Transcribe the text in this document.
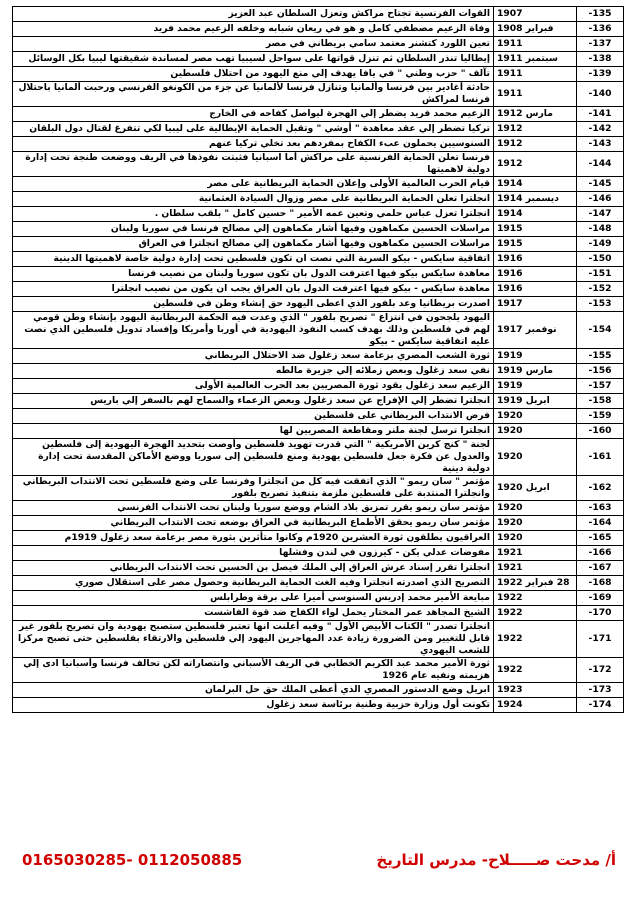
-135	1907	القوات الفرنسية تجتاح مراكش وتعزل السلطان عبد العزيز
-136	فبراير 1908	وفاة الزعيم مصطفي كامل و هو في ريعان شبابه وخلفه الزعيم محمد فريد
-137	1911	تعين اللورد كتشنر معتمد سامي بريطاني في مصر
-138	سبتمبر 1911	إيطاليا تنذر السلطان ثم تنزل قواتها على سواحل لسيبيا تهب مصر لمساندة شقيقتها ليبيا بكل الوسائل
-139	1911	تآلف " حزب وطني " في يافا يهدف إلي منع اليهود من احتلال فلسطين
-140	1911	حادثة أغادير بين فرنسا وألمانيا وتنازل فرنسا لألمانيا عن جزء من الكونغو الفرنسي ورحبت ألمانيا باحتلال فرنسا لمراكش
-141	مارس 1912	الزعيم محمد فريد يضطر إلي الهجرة ليواصل كفاحه في الخارج
-142	1912	تركيا تضطر إلي عقد معاهدة " أوشي " وتقبل الحماية الإيطالية على ليبيا لكي تتفرغ لقتال دول البلقان
-143	1912	السنوسيين يحملون عبء الكفاح بمفردهم بعد تخلي تركيا عنهم
-144	1912	فرنسا تعلن الحماية الفرنسية على مراكش أما اسبانيا فثبتت نفوذها في الريف ووضعت طنجة تحت إدارة دولية لاهميتها
-145	1914	قيام الحرب العالمية الأولى وإعلان الحماية البريطانية على مصر
-146	ديسمبر 1914	انجلترا تعلن الحماية البريطانية على مصر وزوال السيادة العثمانية
-147	1914	انجلترا تعزل عباس حلمي وتعين عمه الأمير " حسين كامل " بلقب سلطان .
-148	1915	مراسلات الحسين مكماهون وفيها أشار مكماهون إلي مصالح فرنسا في سوريا ولبنان
-149	1915	مراسلات الحسين مكماهون وفيها أشار مكماهون إلي مصالح انجلترا في العراق
-150	1916	اتفاقية سايكس - بيكو السرية التي نصت ان تكون فلسطين تحت إدارة دولية خاصة لاهميتها الدينية
-151	1916	معاهدة سايكس بيكو فيها اعترفت الدول بان تكون سوريا ولبنان من نصيب فرنسا
-152	1916	معاهدة سايكس - بيكو فيها اعترفت الدول بان العراق يجب ان يكون من نصيب انجلترا
-153	1917	اصدرت بريطانيا وعد بلفور الذي اعطى اليهود حق إنشاء وطن في فلسطين
-154	نوفمبر 1917	اليهود يلجحون في انتزاع " تصريح بلفور " الذي وعدت فيه الحكمة البريطانية اليهود بإنشاء وطن قومي لهم في فلسطين وذلك بهدف كسب النفوذ اليهودية في أوربا وأمريكا وإفساد تدويل فلسطين الذي نصت عليه اتفاقية سايكس - بيكو
-155	1919	ثورة الشعب المصري بزعامة سعد زغلول ضد الاحتلال البريطاني
-156	مارس 1919	نفي سعد زغلول وبعض زملائه إلي جزيرة مالطه
-157	1919	الزعيم سعد زغلول يقود ثورة المصريين بعد الحرب العالمية الأولى
-158	ابريل 1919	انجلترا تضطر إلي الإفراج عن سعد زغلول وبعض الزعماء والسماح لهم بالسفر إلي باريس
-159	1920	فرض الانتداب البريطاني على فلسطين
-160	1920	انجلترا ترسل لجنة ملنر ومقاطعة المصريين لها
-161	1920	لجنة " كنج كرين الأمريكية " التي قدرت تهويد فلسطين وأوصت بتحديد الهجرة اليهودية إلى فلسطين والعدول عن فكرة جعل فلسطين يهودية ومنع فلسطين إلى سوريا ووضع الأماكن المقدسة تحت إدارة دولية دينية
-162	ابريل 1920	مؤتمر " سان ريمو " الذي اتفقت فيه كل من انجلترا وفرنسا على وضع فلسطين تحت الانتداب البريطاني وانجلترا المنتدبة على فلسطين ملزمة بتنفيذ تصريح بلفور
-163	1920	مؤتمر سان ريمو يقرر تمزيق بلاد الشام ووضع سوريا ولبنان تحت الانتداب الفرنسي
-164	1920	مؤتمر سان ريمو يحقق الأطماع البريطانية في العراق بوضعه تحت الانتداب البريطاني
-165	1920	العراقيون يطلقون ثورة العشرين 1920م وكانوا متأثرين بثورة مصر بزعامة سعد زغلول 1919م
-166	1921	مفوضات عدلي يكن - كيرزون في لندن وفشلها
-167	1921	انجلترا تقرر إسناد عرش العراق إلي الملك فيصل بن الحسين تحت الانتداب البريطاني
-168	28 فبراير 1922	التصريح الذي اصدرته انجلترا وفيه الغت الحماية البريطانية وحصول مصر على استقلال صوري
-169	1922	مبايعة الأمير محمد إدريس السنوسي أميرا على برقة وطرابلس
-170	1922	الشيخ المجاهد عمر المختار يحمل لواء الكفاح ضد قوة الفاشست
-171	1922	انجلترا تصدر " الكتاب الأبيض الأول " وفيه أعلنت انها تعتبر فلسطين ستصبح يهودية وان تصريح بلفور غير قابل للتغيير ومن الضرورة زيادة عدد المهاجرين اليهود إلي فلسطين والارتقاء بفلسطين حتى تصبح مركزا للشعب اليهودي
-172	1922	ثورة الأمير محمد عبد الكريم الخطابي في الريف الأسباني وانتصاراته لكن تحالف فرنسا وأسبانيا ادى إلي هزيمته ونفيه عام 1926
-173	1923	ابريل وضع الدستور المصري الذي أعطى الملك حق حل البرلمان
-174	1924	تكونت أول وزارة حزبية وطنية برئاسة سعد زغلول
0165030285- 0112050885	أ/ مدحت صـــــلاح- مدرس التاريخ
